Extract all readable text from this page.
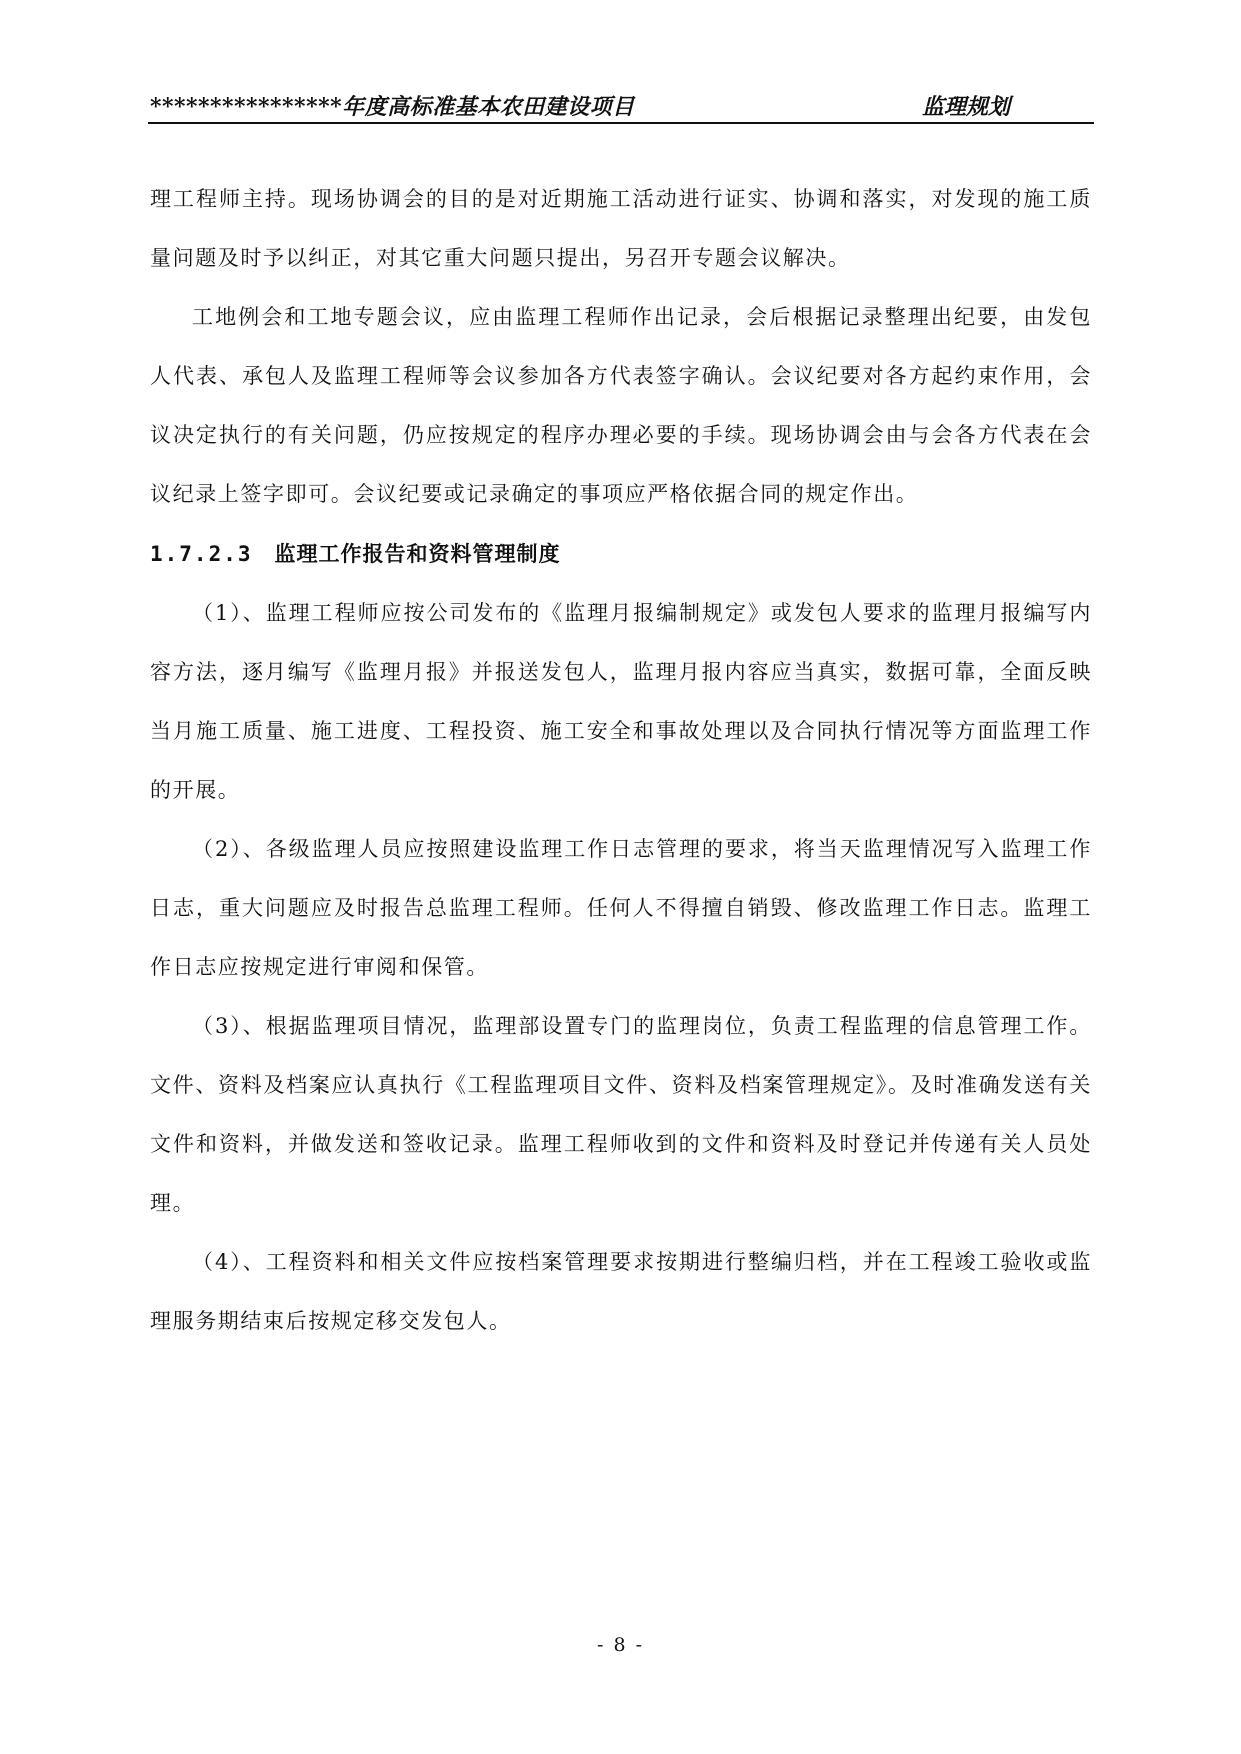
****************年度高标准基本农田建设项目	监理规划

理工程师主持。现场协调会的目的是对近期施工活动进行证实、协调和落实，对发现的施工质量问题及时予以纠正，对其它重大问题只提出，另召开专题会议解决。

工地例会和工地专题会议，应由监理工程师作出记录，会后根据记录整理出纪要，由发包人代表、承包人及监理工程师等会议参加各方代表签字确认。会议纪要对各方起约束作用，会议决定执行的有关问题，仍应按规定的程序办理必要的手续。现场协调会由与会各方代表在会议纪录上签字即可。会议纪要或记录确定的事项应严格依据合同的规定作出。

1.7.2.3 监理工作报告和资料管理制度

（1）、监理工程师应按公司发布的《监理月报编制规定》或发包人要求的监理月报编写内容方法，逐月编写《监理月报》并报送发包人，监理月报内容应当真实，数据可靠，全面反映当月施工质量、施工进度、工程投资、施工安全和事故处理以及合同执行情况等方面监理工作的开展。

（2）、各级监理人员应按照建设监理工作日志管理的要求，将当天监理情况写入监理工作日志，重大问题应及时报告总监理工程师。任何人不得擅自销毁、修改监理工作日志。监理工作日志应按规定进行审阅和保管。

（3）、根据监理项目情况，监理部设置专门的监理岗位，负责工程监理的信息管理工作。文件、资料及档案应认真执行《工程监理项目文件、资料及档案管理规定》。及时准确发送有关文件和资料，并做发送和签收记录。监理工程师收到的文件和资料及时登记并传递有关人员处理。

（4）、工程资料和相关文件应按档案管理要求按期进行整编归档，并在工程竣工验收或监理服务期结束后按规定移交发包人。

- 8 -
